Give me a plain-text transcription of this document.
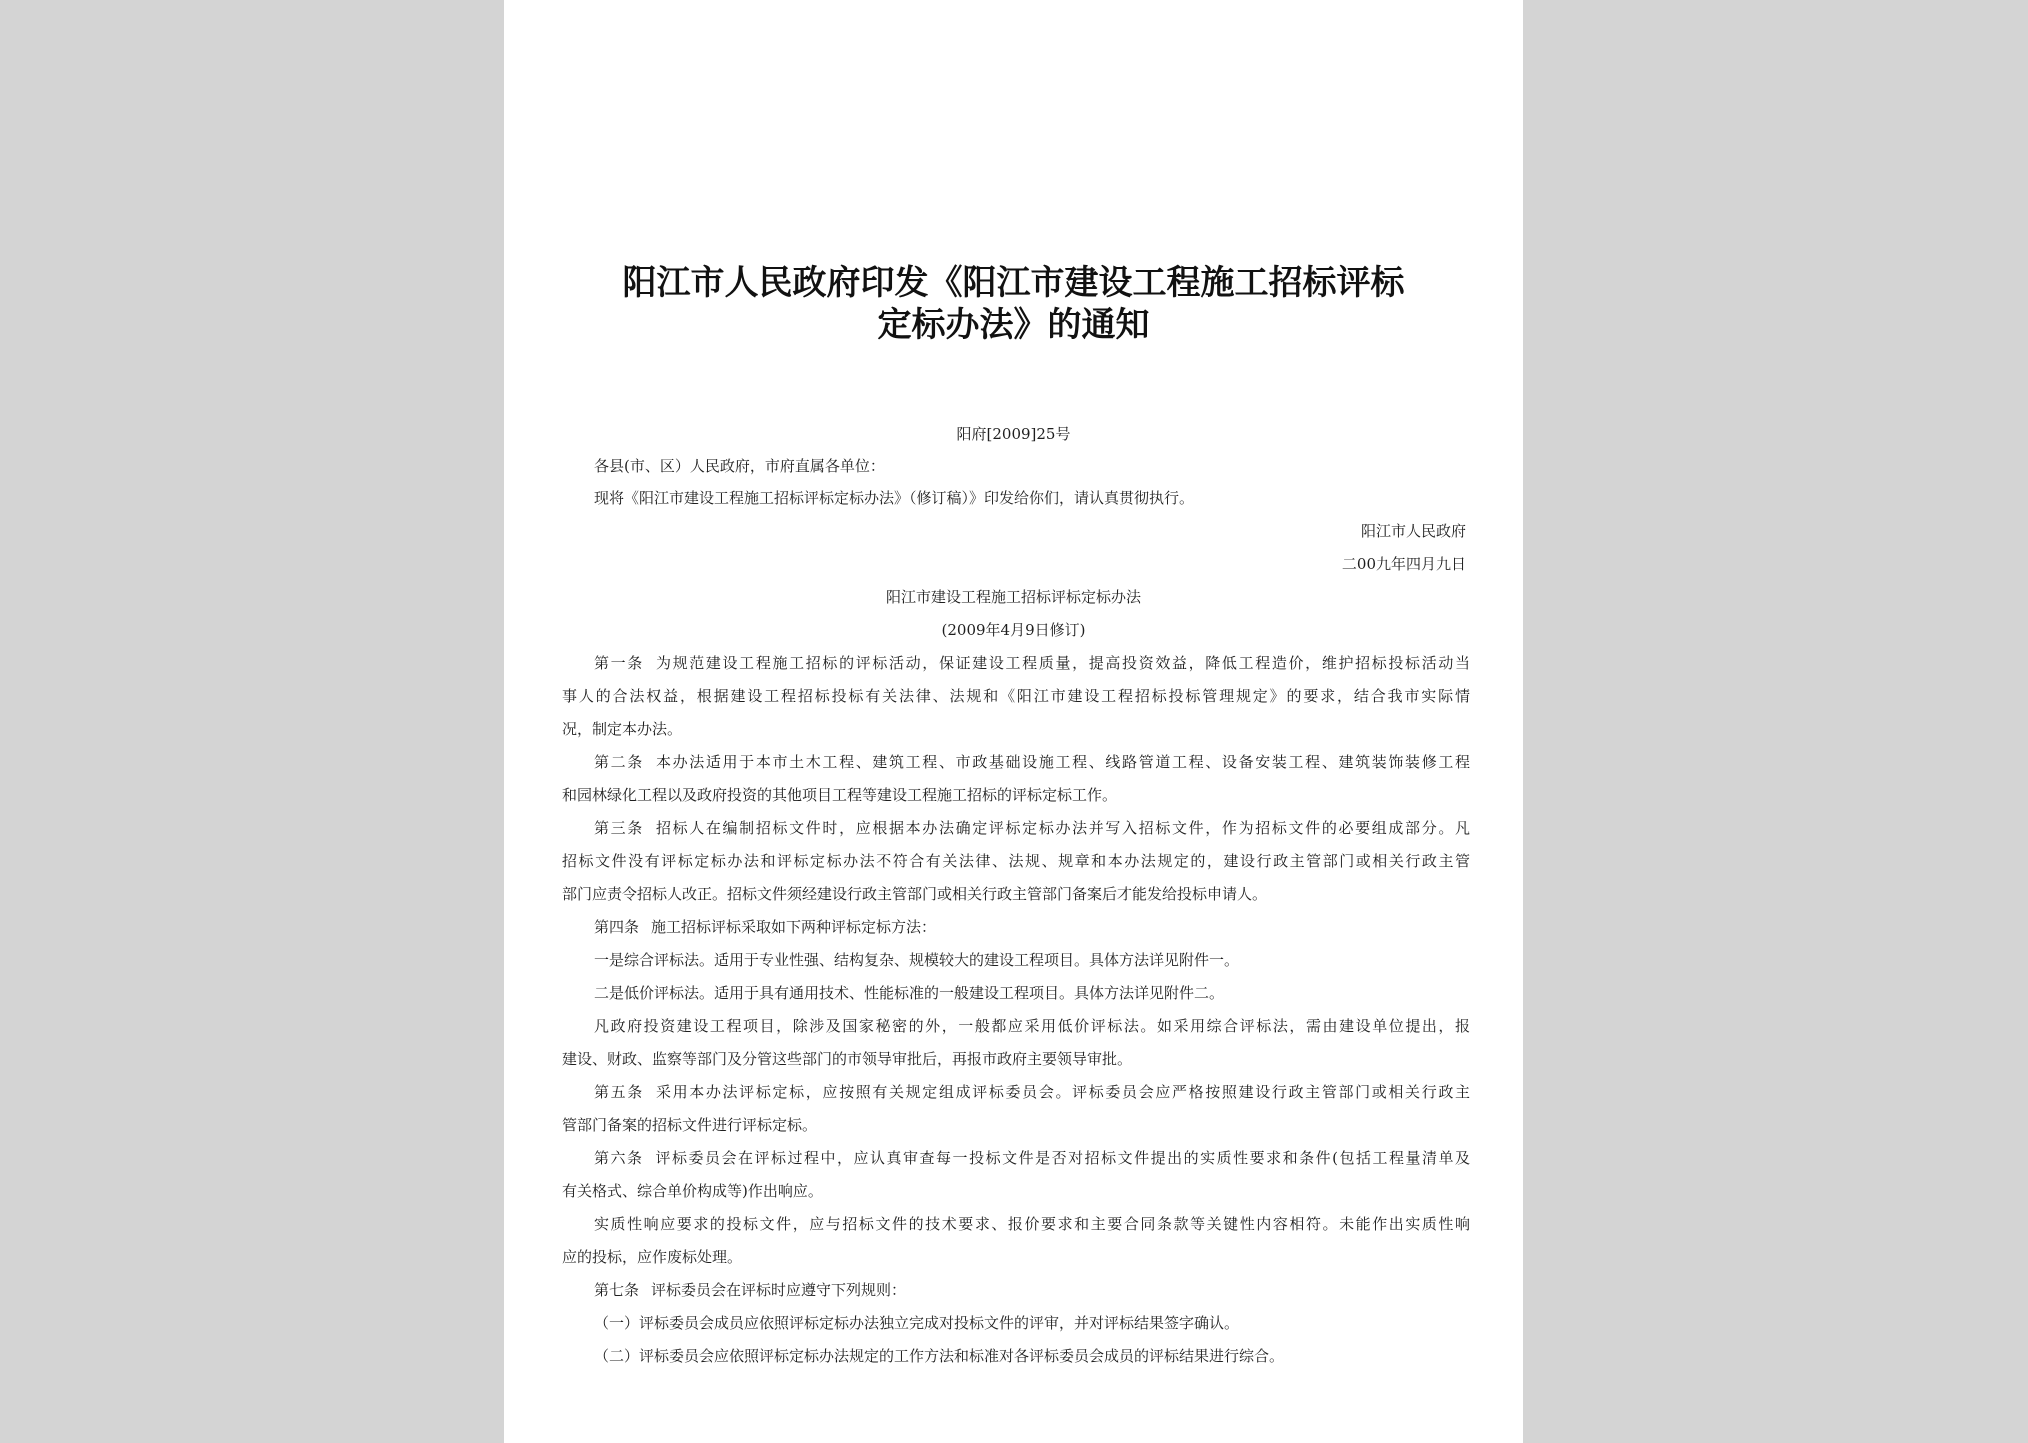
阳江市人民政府印发《阳江市建设工程施工招标评标
定标办法》的通知
阳府[2009]25号
各县(市、区）人民政府，市府直属各单位：
现将《阳江市建设工程施工招标评标定标办法》（修订稿）》印发给你们，请认真贯彻执行。
阳江市人民政府
二00九年四月九日
阳江市建设工程施工招标评标定标办法
(2009年4月9日修订)
第一条 为规范建设工程施工招标的评标活动，保证建设工程质量，提高投资效益，降低工程造价，维护招标投标活动当
事人的合法权益，根据建设工程招标投标有关法律、法规和《阳江市建设工程招标投标管理规定》的要求，结合我市实际情
况，制定本办法。
第二条 本办法适用于本市土木工程、建筑工程、市政基础设施工程、线路管道工程、设备安装工程、建筑装饰装修工程
和园林绿化工程以及政府投资的其他项目工程等建设工程施工招标的评标定标工作。
第三条 招标人在编制招标文件时，应根据本办法确定评标定标办法并写入招标文件，作为招标文件的必要组成部分。凡
招标文件没有评标定标办法和评标定标办法不符合有关法律、法规、规章和本办法规定的，建设行政主管部门或相关行政主管
部门应责令招标人改正。招标文件须经建设行政主管部门或相关行政主管部门备案后才能发给投标申请人。
第四条 施工招标评标采取如下两种评标定标方法：
一是综合评标法。适用于专业性强、结构复杂、规模较大的建设工程项目。具体方法详见附件一。
二是低价评标法。适用于具有通用技术、性能标准的一般建设工程项目。具体方法详见附件二。
凡政府投资建设工程项目，除涉及国家秘密的外，一般都应采用低价评标法。如采用综合评标法，需由建设单位提出，报
建设、财政、监察等部门及分管这些部门的市领导审批后，再报市政府主要领导审批。
第五条 采用本办法评标定标，应按照有关规定组成评标委员会。评标委员会应严格按照建设行政主管部门或相关行政主
管部门备案的招标文件进行评标定标。
第六条 评标委员会在评标过程中，应认真审查每一投标文件是否对招标文件提出的实质性要求和条件(包括工程量清单及
有关格式、综合单价构成等)作出响应。
实质性响应要求的投标文件，应与招标文件的技术要求、报价要求和主要合同条款等关键性内容相符。未能作出实质性响
应的投标，应作废标处理。
第七条 评标委员会在评标时应遵守下列规则：
（一）评标委员会成员应依照评标定标办法独立完成对投标文件的评审，并对评标结果签字确认。
（二）评标委员会应依照评标定标办法规定的工作方法和标准对各评标委员会成员的评标结果进行综合。
